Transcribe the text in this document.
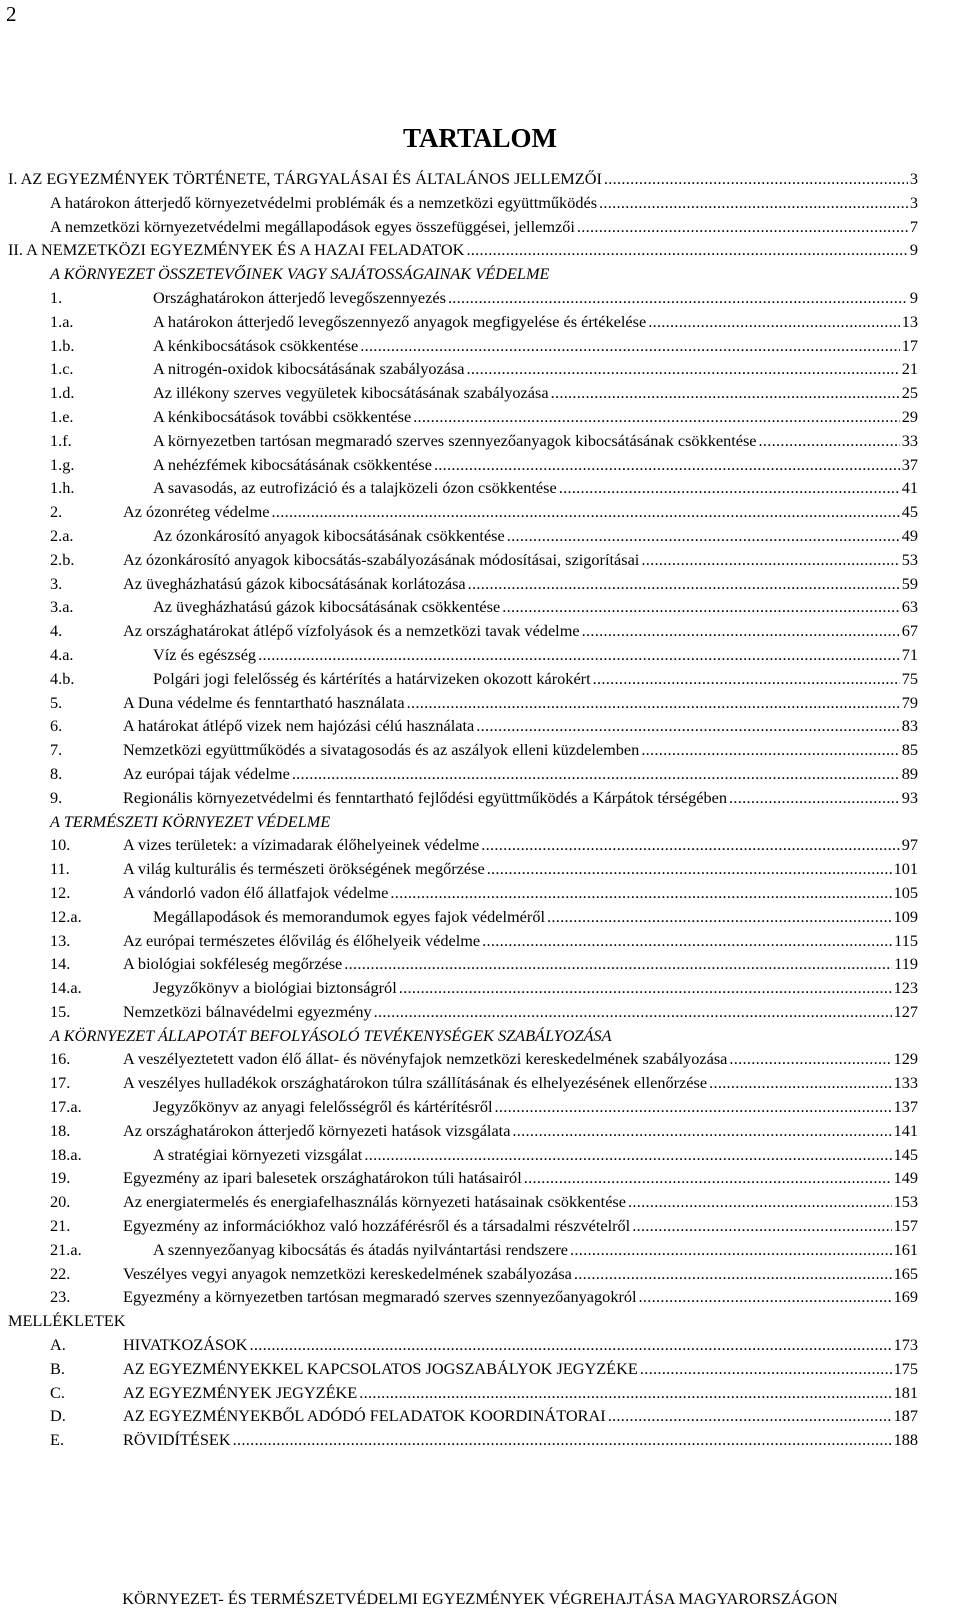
2
TARTALOM
I. AZ EGYEZMÉNYEK TÖRTÉNETE, TÁRGYALÁSAI ÉS ÁLTALÁNOS JELLEMZŐI .....	3
A határokon átterjedő környezetvédelmi problémák és a nemzetközi együttműködés .....	3
A nemzetközi környezetvédelmi megállapodások egyes összefüggései, jellemzői .....	7
II. A NEMZETKÖZI EGYEZMÉNYEK ÉS A HAZAI FELADATOK .....	9
A KÖRNYEZET ÖSSZETEVŐINEK VAGY SAJÁTOSSÁGAINAK VÉDELME
1.	Országhatárokon átterjedő levegőszennyezés .....	9
1.a.	A határokon átterjedő levegőszennyező anyagok megfigyelése és értékelése .....	13
1.b.	A kénkibocsátások csökkentése .....	17
1.c.	A nitrogén-oxidok kibocsátásának szabályozása .....	21
1.d.	Az illékony szerves vegyületek kibocsátásának szabályozása .....	25
1.e.	A kénkibocsátások további csökkentése .....	29
1.f.	A környezetben tartósan megmaradó szerves szennyezőanyagok kibocsátásának csökkentése .....	33
1.g.	A nehézfémek kibocsátásának csökkentése .....	37
1.h.	A savasodás, az eutrofizáció és a talajközeli ózon csökkentése .....	41
2.	Az ózonréteg védelme .....	45
2.a.	Az ózonkárosító anyagok kibocsátásának csökkentése .....	49
2.b.	Az ózonkárosító anyagok kibocsátás-szabályozásának módosításai, szigorításai .....	53
3.	Az üvegházhatású gázok kibocsátásának korlátozása .....	59
3.a.	Az üvegházhatású gázok kibocsátásának csökkentése .....	63
4.	Az országhatárokat átlépő vízfolyások és a nemzetközi tavak védelme .....	67
4.a.	Víz és egészség .....	71
4.b.	Polgári jogi felelősség és kártérítés a határvizeken okozott károkért .....	75
5.	A Duna védelme és fenntartható használata .....	79
6.	A határokat átlépő vizek nem hajózási célú használata .....	83
7.	Nemzetközi együttműködés a sivatagosodás és az aszályok elleni küzdelemben .....	85
8.	Az európai tájak védelme .....	89
9.	Regionális környezetvédelmi és fenntartható fejlődési együttműködés a Kárpátok térségében .....	93
A TERMÉSZETI KÖRNYEZET VÉDELME
10.	A vizes területek: a vízimadarak élőhelyeinek védelme .....	97
11.	A világ kulturális és természeti örökségének megőrzése .....	101
12.	A vándorló vadon élő állatfajok védelme .....	105
12.a.	Megállapodások és memorandumok egyes fajok védelméről .....	109
13.	Az európai természetes élővilág és élőhelyeik védelme .....	115
14.	A biológiai sokféleség megőrzése .....	119
14.a.	Jegyzőkönyv a biológiai biztonságról .....	123
15.	Nemzetközi bálnavédelmi egyezmény .....	127
A KÖRNYEZET ÁLLAPOTÁT BEFOLYÁSOLÓ TEVÉKENYSÉGEK SZABÁLYOZÁSA
16.	A veszélyeztetett vadon élő állat- és növényfajok nemzetközi kereskedelmének szabályozása .....	129
17.	A veszélyes hulladékok országhatárokon túlra szállításának és elhelyezésének ellenőrzése .....	133
17.a.	Jegyzőkönyv az anyagi felelősségről és kártérítésről .....	137
18.	Az országhatárokon átterjedő környezeti hatások vizsgálata .....	141
18.a.	A stratégiai környezeti vizsgálat .....	145
19.	Egyezmény az ipari balesetek országhatárokon túli hatásairól .....	149
20.	Az energiatermelés és energiafelhasználás környezeti hatásainak csökkentése .....	153
21.	Egyezmény az információkhoz való hozzáférésről és a társadalmi részvételről .....	157
21.a.	A szennyezőanyag kibocsátás és átadás nyilvántartási rendszere .....	161
22.	Veszélyes vegyi anyagok nemzetközi kereskedelmének szabályozása .....	165
23.	Egyezmény a környezetben tartósan megmaradó szerves szennyezőanyagokról .....	169
MELLÉKLETEK
A.	HIVATKOZÁSOK .....	173
B.	AZ EGYEZMÉNYEKKEL KAPCSOLATOS JOGSZABÁLYOK JEGYZÉKE .....	175
C.	AZ EGYEZMÉNYEK JEGYZÉKE .....	181
D.	AZ EGYEZMÉNYEKBŐL ADÓDÓ FELADATOK KOORDINÁTORAI .....	187
E.	RÖVIDÍTÉSEK .....	188
KÖRNYEZET- ÉS TERMÉSZETVÉDELMI EGYEZMÉNYEK VÉGREHAJTÁSA MAGYARORSZÁGON
